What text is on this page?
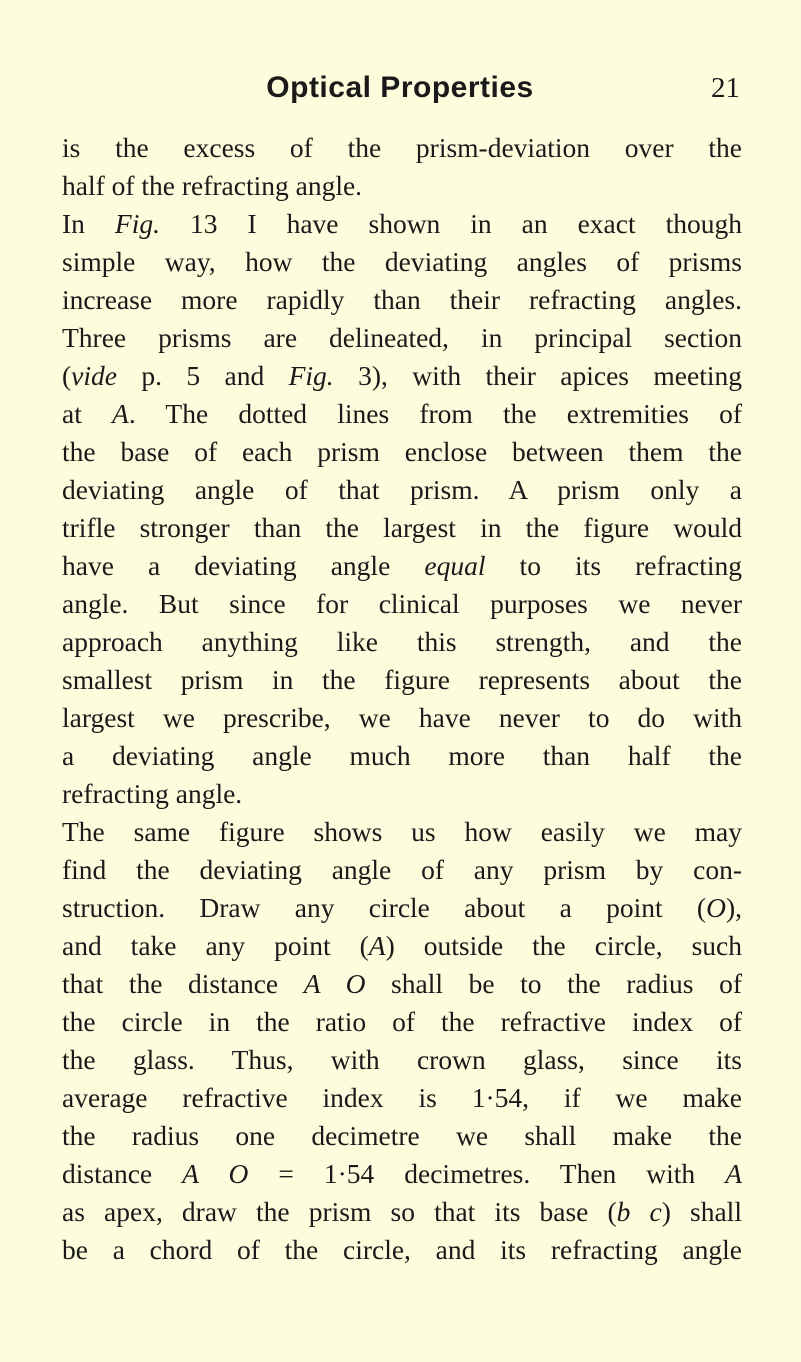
Optical Properties	21
is the excess of the prism-deviation over the
half of the refracting angle.
In Fig. 13 I have shown in an exact though
simple way, how the deviating angles of prisms
increase more rapidly than their refracting angles.
Three prisms are delineated, in principal section
(vide p. 5 and Fig. 3), with their apices meeting
at A. The dotted lines from the extremities of
the base of each prism enclose between them the
deviating angle of that prism. A prism only a
trifle stronger than the largest in the figure would
have a deviating angle equal to its refracting
angle. But since for clinical purposes we never
approach anything like this strength, and the
smallest prism in the figure represents about the
largest we prescribe, we have never to do with
a deviating angle much more than half the
refracting angle.
The same figure shows us how easily we may
find the deviating angle of any prism by con-
struction. Draw any circle about a point (O),
and take any point (A) outside the circle, such
that the distance A O shall be to the radius of
the circle in the ratio of the refractive index of
the glass. Thus, with crown glass, since its
average refractive index is 1·54, if we make
the radius one decimetre we shall make the
distance A O = 1·54 decimetres. Then with A
as apex, draw the prism so that its base (b c) shall
be a chord of the circle, and its refracting angle
